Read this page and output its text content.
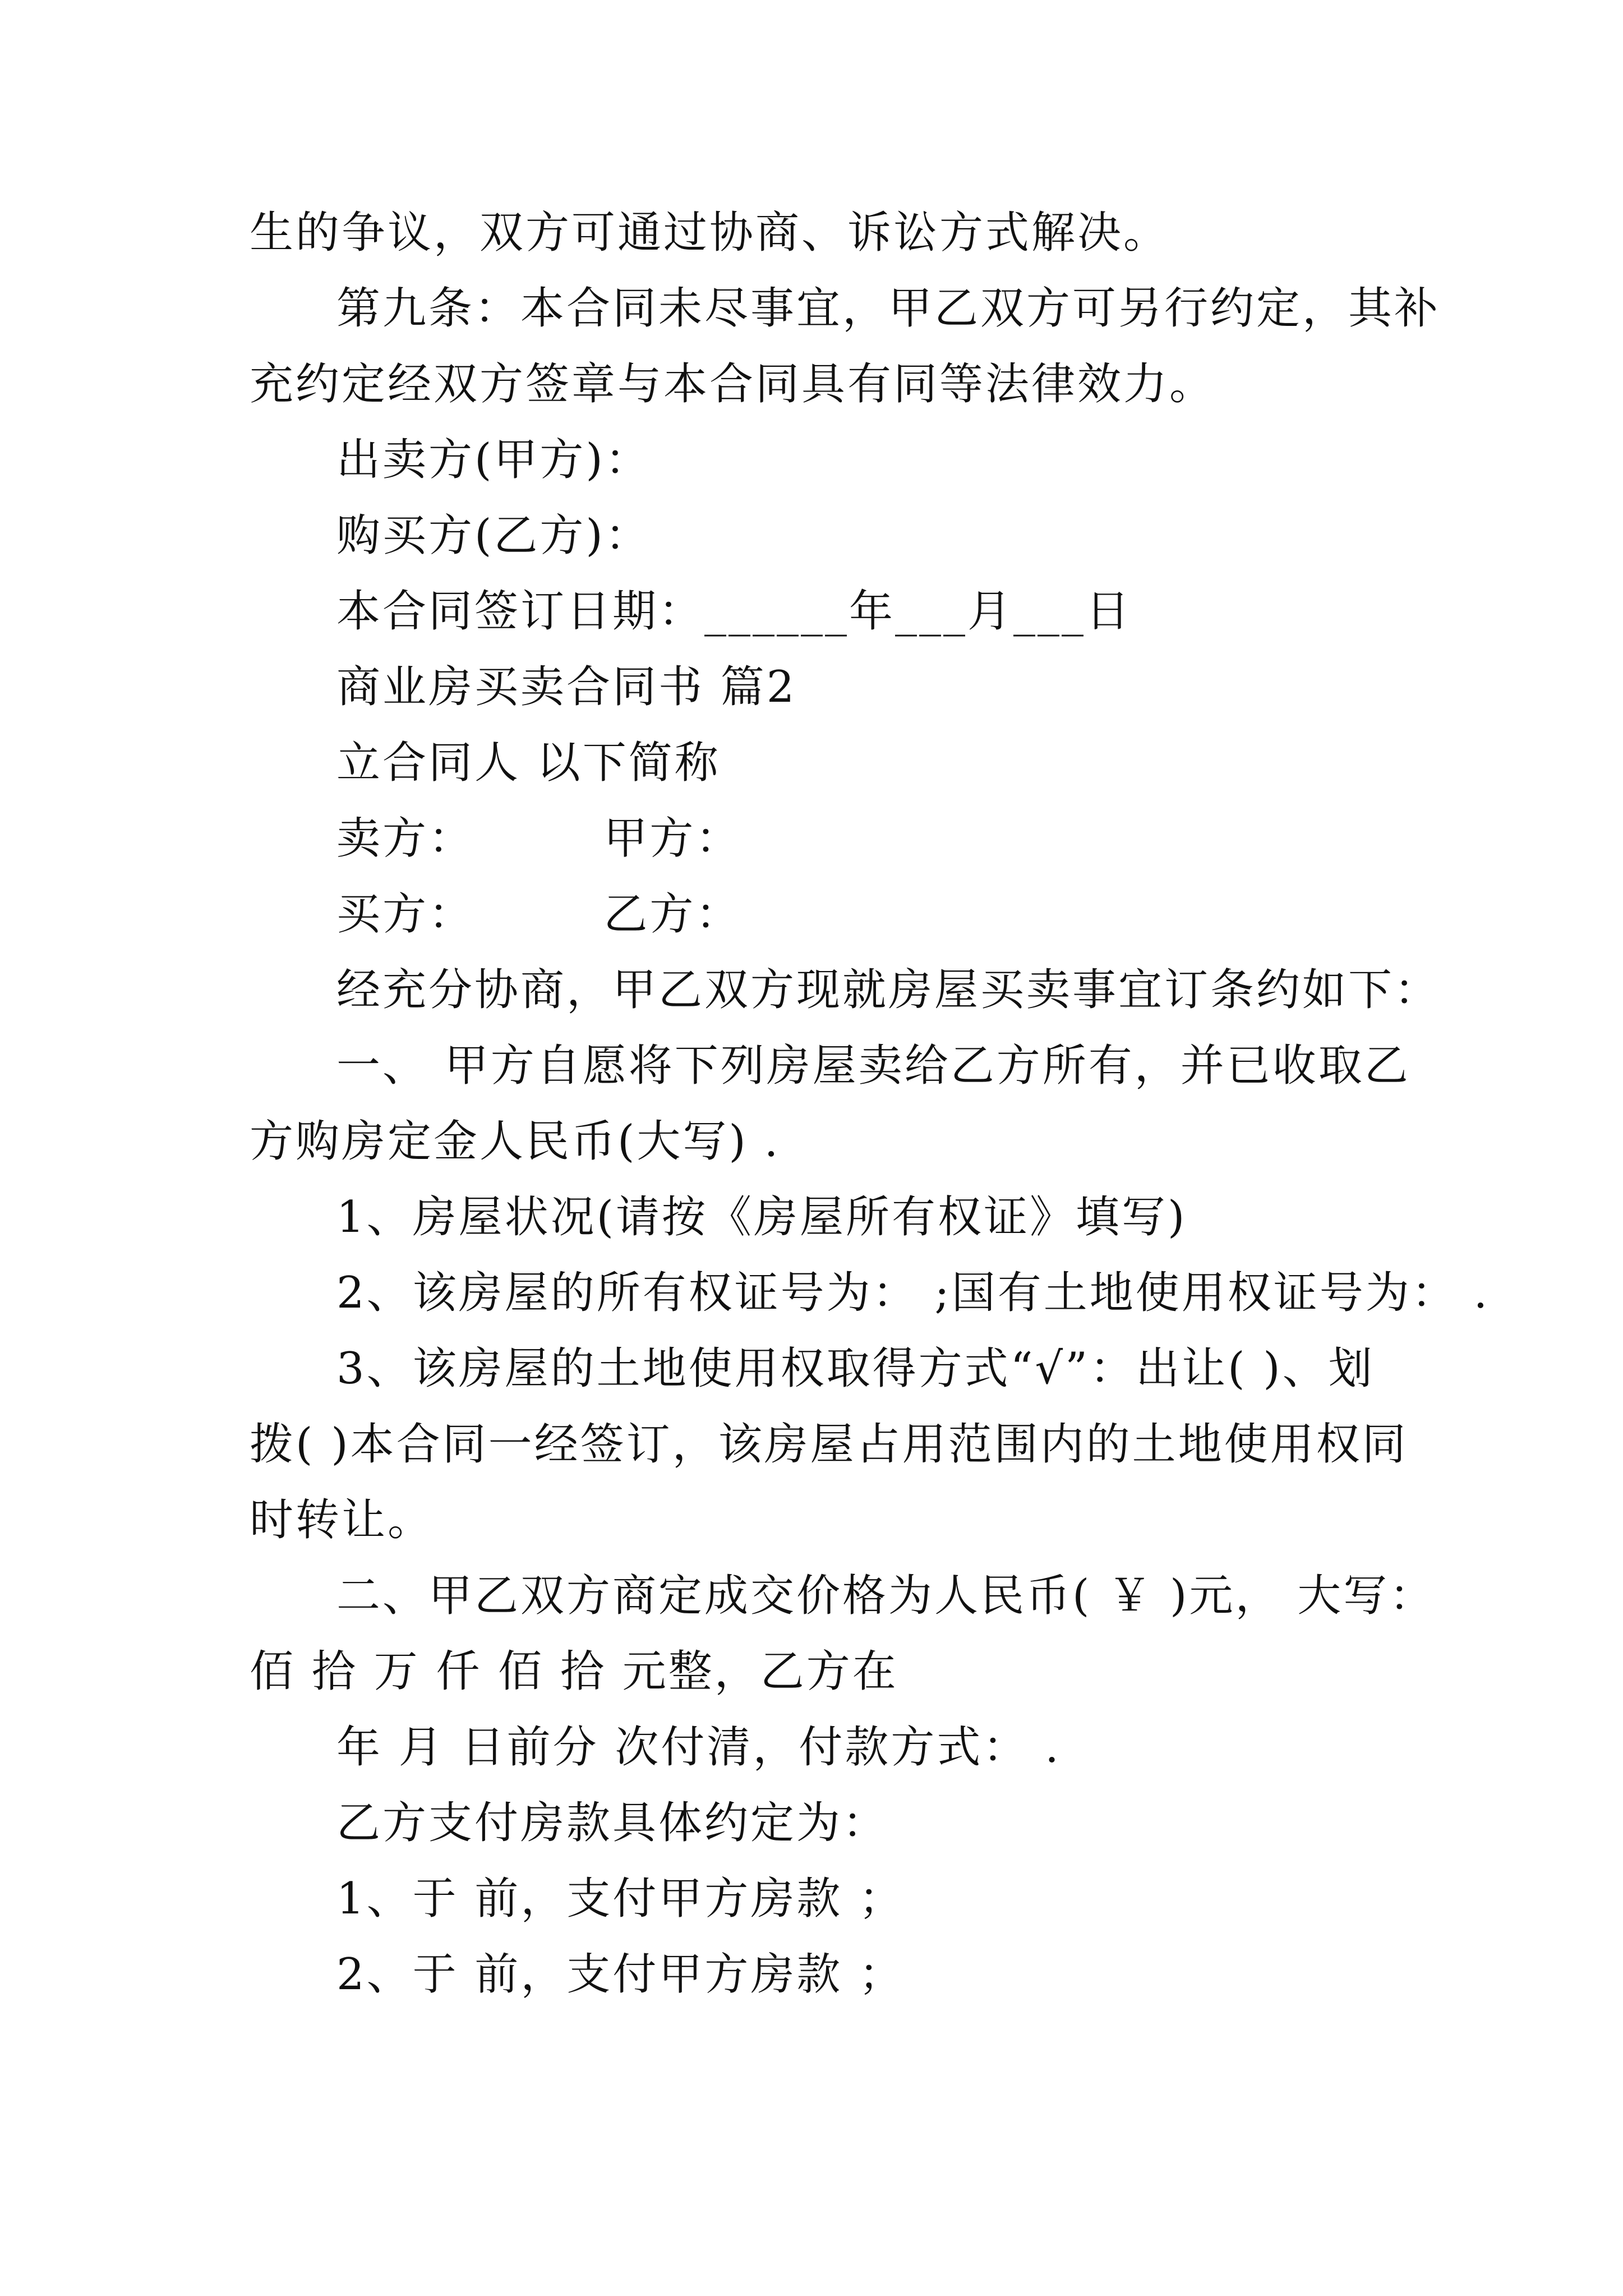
生的争议，双方可通过协商、诉讼方式解决。
第九条：本合同未尽事宜，甲乙双方可另行约定，其补
充约定经双方签章与本合同具有同等法律效力。
出卖方(甲方)：
购买方(乙方)：
本合同签订日期：______年___月___日
商业房买卖合同书 篇2
立合同人 以下简称
卖方：        甲方：
买方：        乙方：
经充分协商，甲乙双方现就房屋买卖事宜订条约如下：
一、 甲方自愿将下列房屋卖给乙方所有，并已收取乙
方购房定金人民币(大写) .
1、房屋状况(请按《房屋所有权证》填写)
2、该房屋的所有权证号为： ;国有土地使用权证号为： .
3、该房屋的土地使用权取得方式“√”：出让( )、划
拨( )本合同一经签订，该房屋占用范围内的土地使用权同
时转让。
二、甲乙双方商定成交价格为人民币( ￥ )元， 大写：
佰 拾 万 仟 佰 拾 元整，乙方在
年 月 日前分 次付清，付款方式： .
乙方支付房款具体约定为：
1、于 前，支付甲方房款 ；
2、于 前，支付甲方房款 ；
